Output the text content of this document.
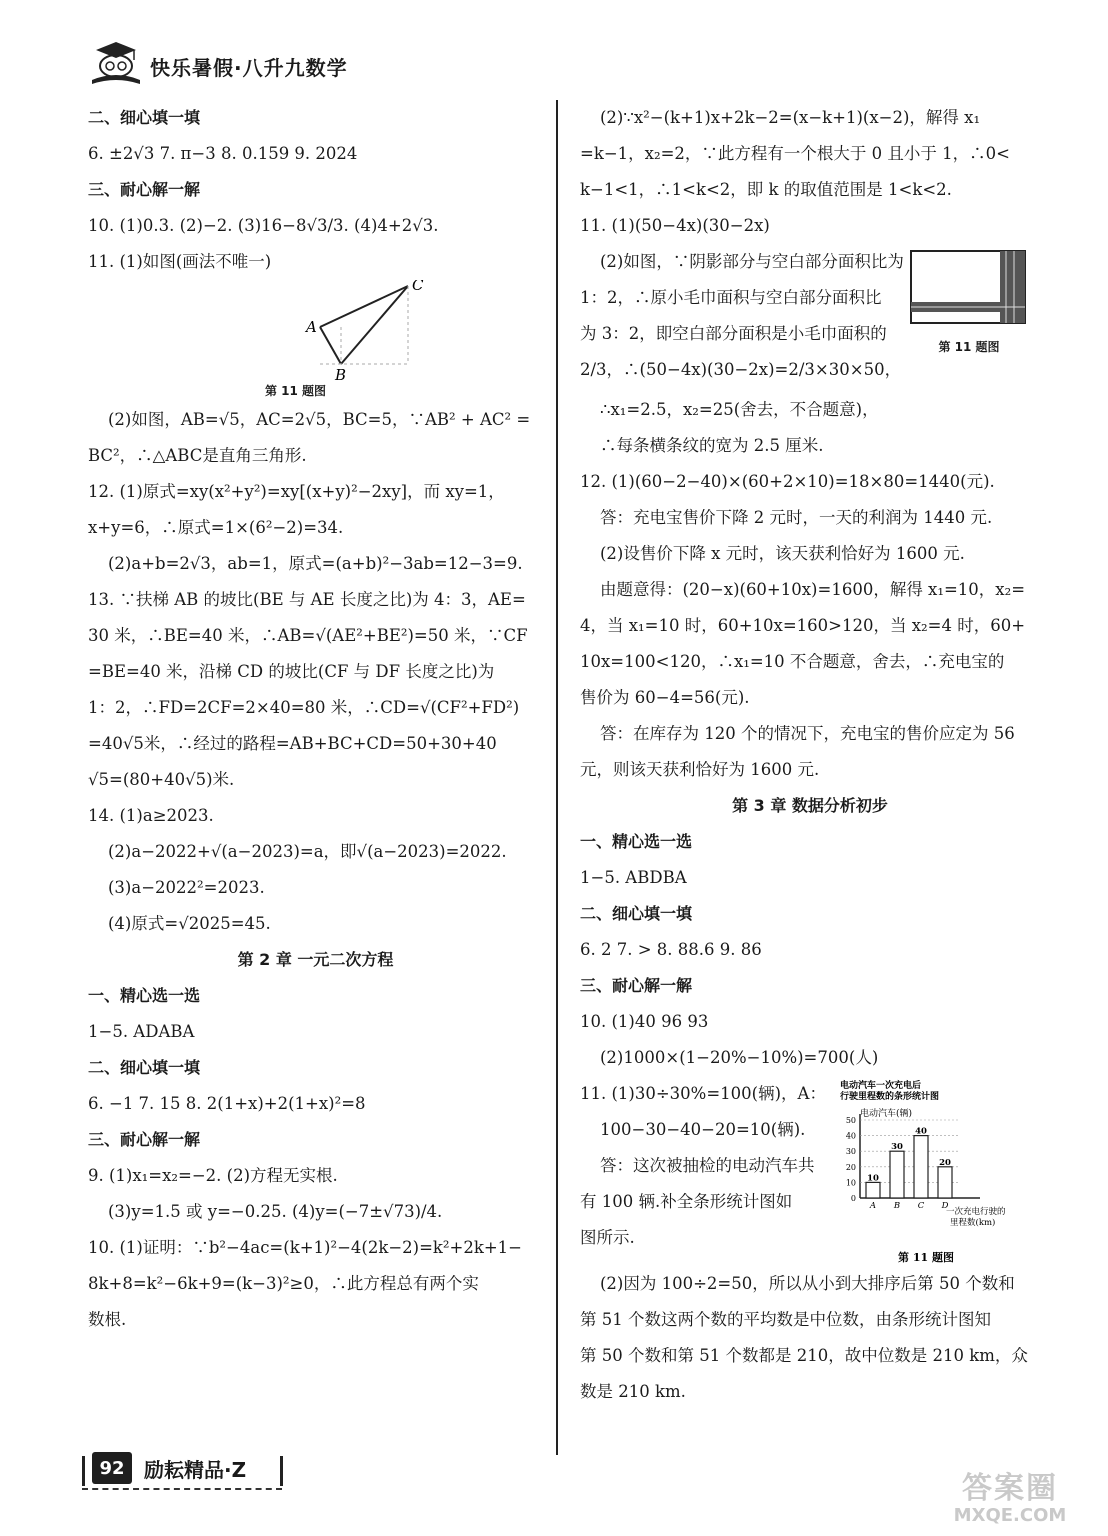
快乐暑假·八升九数学
二、细心填一填
6. ±2√3 7. π−3 8. 0.159 9. 2024
三、耐心解一解
10. (1)0.3. (2)−2. (3)16−8√3/3. (4)4+2√3.
11. (1)如图(画法不唯一)
A
B
C
第 11 题图
(2)如图，AB=√5，AC=2√5，BC=5，∵AB² + AC² =
BC²，∴△ABC是直角三角形.
12. (1)原式=xy(x²+y²)=xy[(x+y)²−2xy]，而 xy=1，
x+y=6，∴原式=1×(6²−2)=34.
(2)a+b=2√3，ab=1，原式=(a+b)²−3ab=12−3=9.
13. ∵扶梯 AB 的坡比(BE 与 AE 长度之比)为 4：3，AE=
30 米，∴BE=40 米，∴AB=√(AE²+BE²)=50 米，∵CF
=BE=40 米，沿梯 CD 的坡比(CF 与 DF 长度之比)为
1：2，∴FD=2CF=2×40=80 米，∴CD=√(CF²+FD²)
=40√5米，∴经过的路程=AB+BC+CD=50+30+40
√5=(80+40√5)米.
14. (1)a≥2023.
(2)a−2022+√(a−2023)=a，即√(a−2023)=2022.
(3)a−2022²=2023.
(4)原式=√2025=45.
第 2 章 一元二次方程
一、精心选一选
1−5. ADABA
二、细心填一填
6. −1 7. 15 8. 2(1+x)+2(1+x)²=8
三、耐心解一解
9. (1)x₁=x₂=−2. (2)方程无实根.
(3)y=1.5 或 y=−0.25. (4)y=(−7±√73)/4.
10. (1)证明：∵b²−4ac=(k+1)²−4(2k−2)=k²+2k+1−
8k+8=k²−6k+9=(k−3)²≥0，∴此方程总有两个实
数根.
(2)∵x²−(k+1)x+2k−2=(x−k+1)(x−2)，解得 x₁
=k−1，x₂=2，∵此方程有一个根大于 0 且小于 1，∴0<
k−1<1，∴1<k<2，即 k 的取值范围是 1<k<2.
11. (1)(50−4x)(30−2x)
(2)如图，∵阴影部分与空白部分面积比为
1：2，∴原小毛巾面积与空白部分面积比
为 3：2，即空白部分面积是小毛巾面积的
2/3，∴(50−4x)(30−2x)=2/3×30×50，
第 11 题图
∴x₁=2.5，x₂=25(舍去，不合题意)，
∴每条横条纹的宽为 2.5 厘米.
12. (1)(60−2−40)×(60+2×10)=18×80=1440(元).
答：充电宝售价下降 2 元时，一天的利润为 1440 元.
(2)设售价下降 x 元时，该天获利恰好为 1600 元.
由题意得：(20−x)(60+10x)=1600，解得 x₁=10，x₂=
4，当 x₁=10 时，60+10x=160>120，当 x₂=4 时，60+
10x=100<120，∴x₁=10 不合题意，舍去，∴充电宝的
售价为 60−4=56(元).
答：在库存为 120 个的情况下，充电宝的售价应定为 56
元，则该天获利恰好为 1600 元.
第 3 章 数据分析初步
一、精心选一选
1−5. ABDBA
二、细心填一填
6. 2 7. > 8. 88.6 9. 86
三、耐心解一解
10. (1)40 96 93
(2)1000×(1−20%−10%)=700(人)
11. (1)30÷30%=100(辆)，A：
100−30−40−20=10(辆).
答：这次被抽检的电动汽车共
有 100 辆.补全条形统计图如
图所示.
电动汽车一次充电后 行驶里程数的条形统计图
电动汽车(辆)
一次充电行驶的 里程数(km)
0
10
20
30
40
50
10
A
30
B
40
C
20
D
第 11 题图
(2)因为 100÷2=50，所以从小到大排序后第 50 个数和
第 51 个数这两个数的平均数是中位数，由条形统计图知
第 50 个数和第 51 个数都是 210，故中位数是 210 km，众
数是 210 km.
92 励耘精品·Z
答案圈
MXQE.COM
